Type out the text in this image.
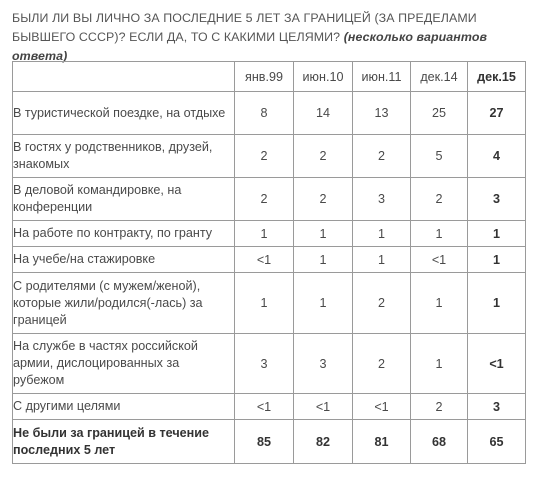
БЫЛИ ЛИ ВЫ ЛИЧНО ЗА ПОСЛЕДНИЕ 5 ЛЕТ ЗА ГРАНИЦЕЙ (ЗА ПРЕДЕЛАМИ БЫВШЕГО СССР)? ЕСЛИ ДА, ТО С КАКИМИ ЦЕЛЯМИ? (несколько вариантов ответа)
	янв.99	июн.10	июн.11	дек.14	дек.15
В туристической поездке, на отдыхе	8	14	13	25	27
В гостях у родственников, друзей, знакомых	2	2	2	5	4
В деловой командировке, на конференции	2	2	3	2	3
На работе по контракту, по гранту	1	1	1	1	1
На учебе/на стажировке	<1	1	1	<1	1
С родителями (с мужем/женой), которые жили/родился(-лась) за границей	1	1	2	1	1
На службе в частях российской армии, дислоцированных за рубежом	3	3	2	1	<1
С другими целями	<1	<1	<1	2	3
Не были за границей в течение последних 5 лет	85	82	81	68	65
